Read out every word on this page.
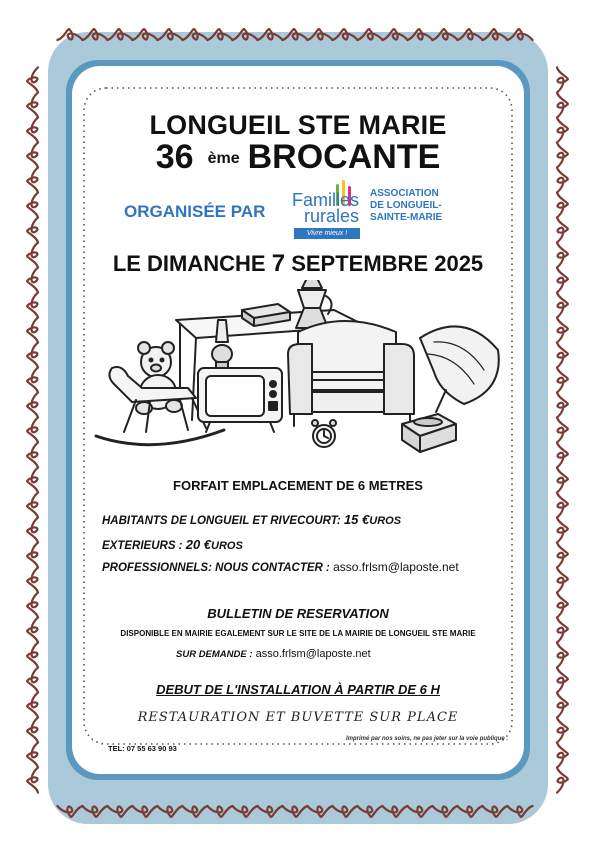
LONGUEIL STE MARIE
36 ème BROCANTE
ORGANISÉE PAR
Familles
rurales
Vivre mieux !
ASSOCIATION
DE LONGUEIL-
SAINTE-MARIE
LE DIMANCHE 7 SEPTEMBRE 2025
FORFAIT EMPLACEMENT DE 6 METRES
HABITANTS DE LONGUEIL ET RIVECOURT: 15 €UROS
EXTERIEURS : 20 €UROS
PROFESSIONNELS: NOUS CONTACTER : asso.frlsm@laposte.net
BULLETIN DE RESERVATION
DISPONIBLE EN MAIRIE EGALEMENT SUR LE SITE DE LA MAIRIE DE LONGUEIL STE MARIE
SUR DEMANDE : asso.frlsm@laposte.net
DEBUT DE L'INSTALLATION À PARTIR DE 6 H
RESTAURATION ET BUVETTE SUR PLACE
Imprimé par nos soins, ne pas jeter sur la voie publique .
TEL: 07 55 63 90 93
